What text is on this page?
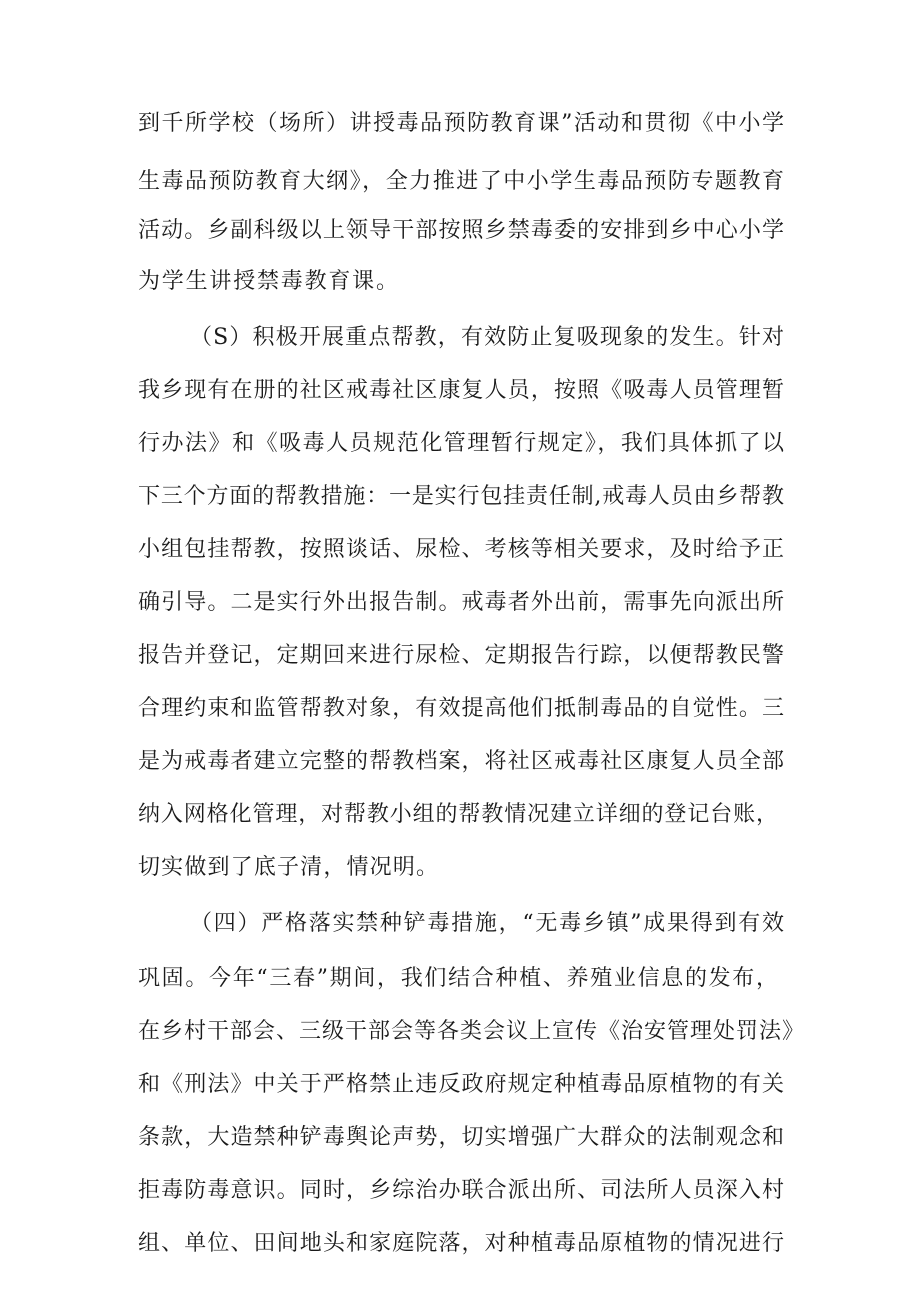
到千所学校（场所）讲授毒品预防教育课”活动和贯彻《中小学
生毒品预防教育大纲》，全力推进了中小学生毒品预防专题教育
活动。乡副科级以上领导干部按照乡禁毒委的安排到乡中心小学
为学生讲授禁毒教育课。
（S）积极开展重点帮教，有效防止复吸现象的发生。针对
我乡现有在册的社区戒毒社区康复人员，按照《吸毒人员管理暂
行办法》和《吸毒人员规范化管理暂行规定》，我们具体抓了以
下三个方面的帮教措施：一是实行包挂责任制,戒毒人员由乡帮教
小组包挂帮教，按照谈话、尿检、考核等相关要求，及时给予正
确引导。二是实行外出报告制。戒毒者外出前，需事先向派出所
报告并登记，定期回来进行尿检、定期报告行踪，以便帮教民警
合理约束和监管帮教对象，有效提高他们抵制毒品的自觉性。三
是为戒毒者建立完整的帮教档案，将社区戒毒社区康复人员全部
纳入网格化管理，对帮教小组的帮教情况建立详细的登记台账，
切实做到了底子清，情况明。
（四）严格落实禁种铲毒措施，“无毒乡镇”成果得到有效
巩固。今年“三春”期间，我们结合种植、养殖业信息的发布，
在乡村干部会、三级干部会等各类会议上宣传《治安管理处罚法》
和《刑法》中关于严格禁止违反政府规定种植毒品原植物的有关
条款，大造禁种铲毒舆论声势，切实增强广大群众的法制观念和
拒毒防毒意识。同时，乡综治办联合派出所、司法所人员深入村
组、单位、田间地头和家庭院落，对种植毒品原植物的情况进行
